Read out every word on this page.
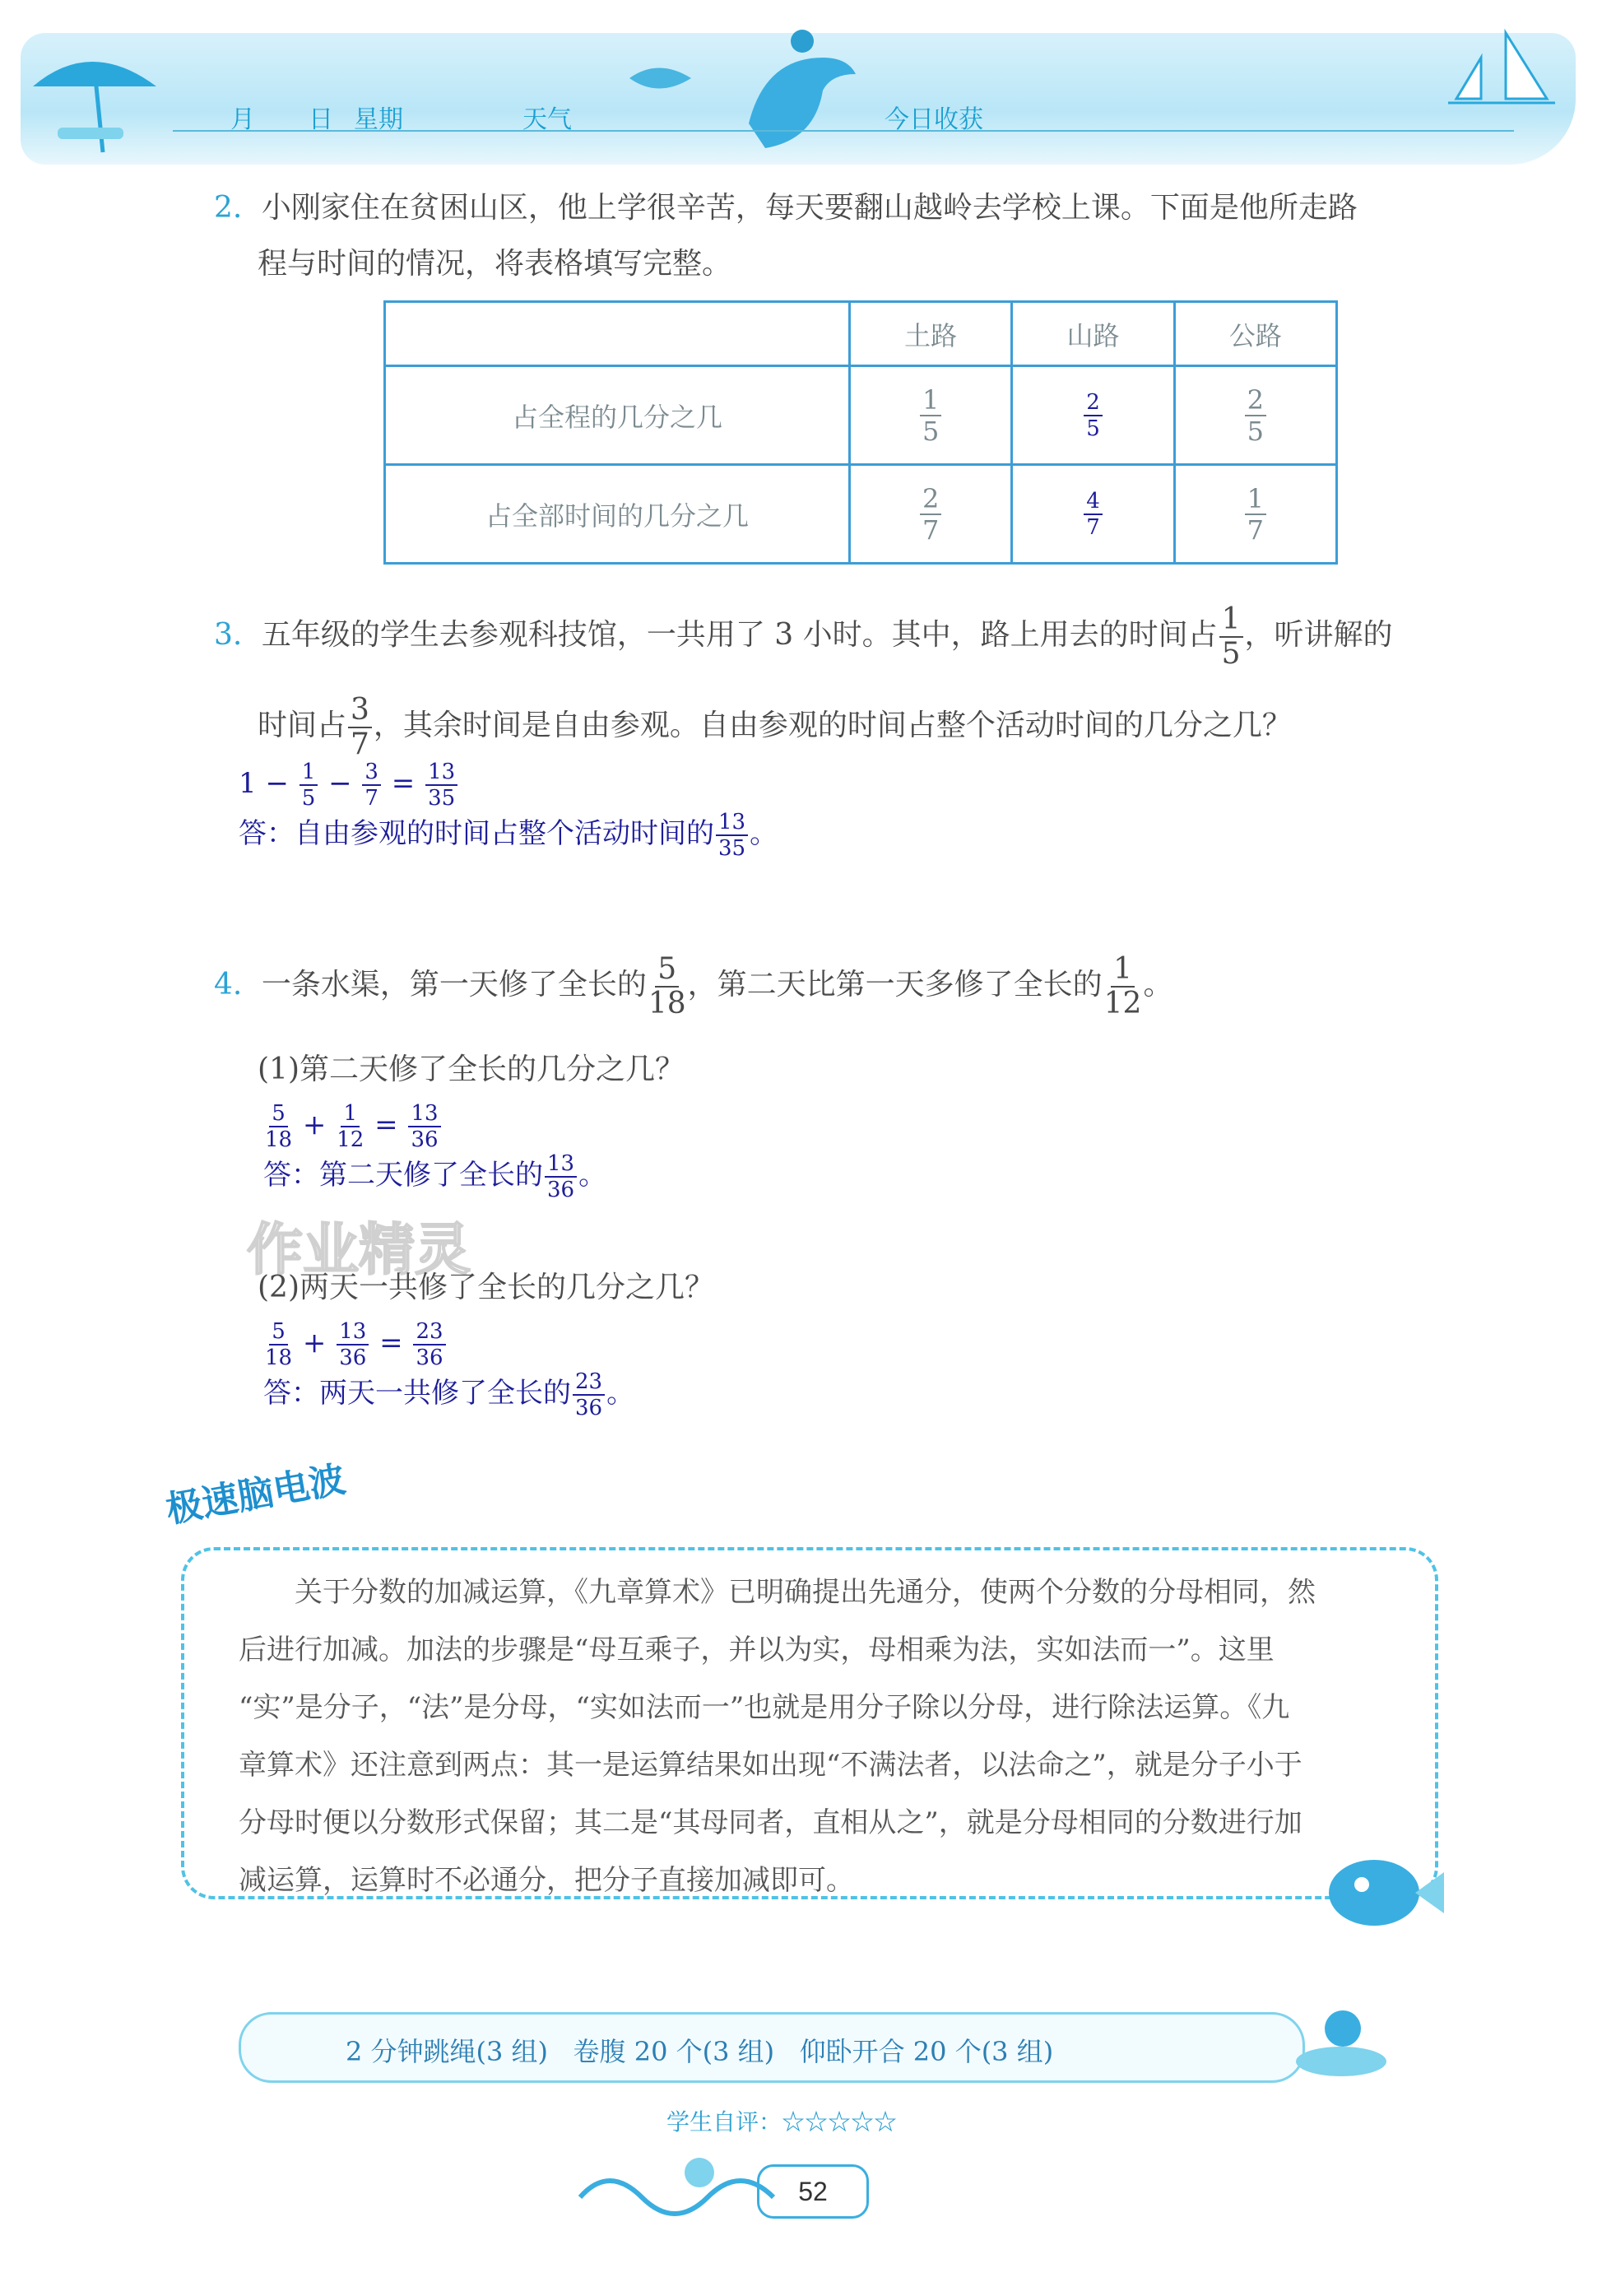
月 日 星期	天气	今日收获
2. 小刚家住在贫困山区，他上学很辛苦，每天要翻山越岭去学校上课。下面是他所走路
程与时间的情况，将表格填写完整。
	土路	山路	公路
占全程的几分之几	$\frac{1}{5}$	$\frac{2}{5}$	$\frac{2}{5}$

占全部时间的几分之几	$\frac{2}{7}$	$\frac{4}{7}$	$\frac{1}{7}$
3. 五年级的学生去参观科技馆，一共用了 3 小时。其中，路上用去的时间占 $\frac{1}{5}$ ，听讲解的
时间占 $\frac{3}{7}$ ，其余时间是自由参观。自由参观的时间占整个活动时间的几分之几？
$1 - \frac{1}{5} - \frac{3}{7} = \frac{13}{35}$
答：自由参观的时间占整个活动时间的 $\frac{13}{35}$ 。
4. 一条水渠，第一天修了全长的 $\frac{5}{18}$ ，第二天比第一天多修了全长的 $\frac{1}{12}$ 。
(1)第二天修了全长的几分之几？
$\frac{5}{18} + \frac{1}{12} = \frac{13}{36}$
答：第二天修了全长的 $\frac{13}{36}$ 。
作业精灵
(2)两天一共修了全长的几分之几？
$\frac{5}{18} + \frac{13}{36} = \frac{23}{36}$
答：两天一共修了全长的 $\frac{23}{36}$ 。
极速脑电波
关于分数的加减运算，《九章算术》已明确提出先通分，使两个分数的分母相同，然
后进行加减。加法的步骤是“母互乘子，并以为实，母相乘为法，实如法而一”。这里
“实”是分子，“法”是分母，“实如法而一”也就是用分子除以分母，进行除法运算。《九
章算术》还注意到两点：其一是运算结果如出现“不满法者，以法命之”，就是分子小于
分母时便以分数形式保留；其二是“其母同者，直相从之”，就是分母相同的分数进行加
减运算，运算时不必通分，把分子直接加减即可。
2 分钟跳绳(3 组)   卷腹 20 个(3 组)   仰卧开合 20 个(3 组)
学生自评：☆☆☆☆☆
52
